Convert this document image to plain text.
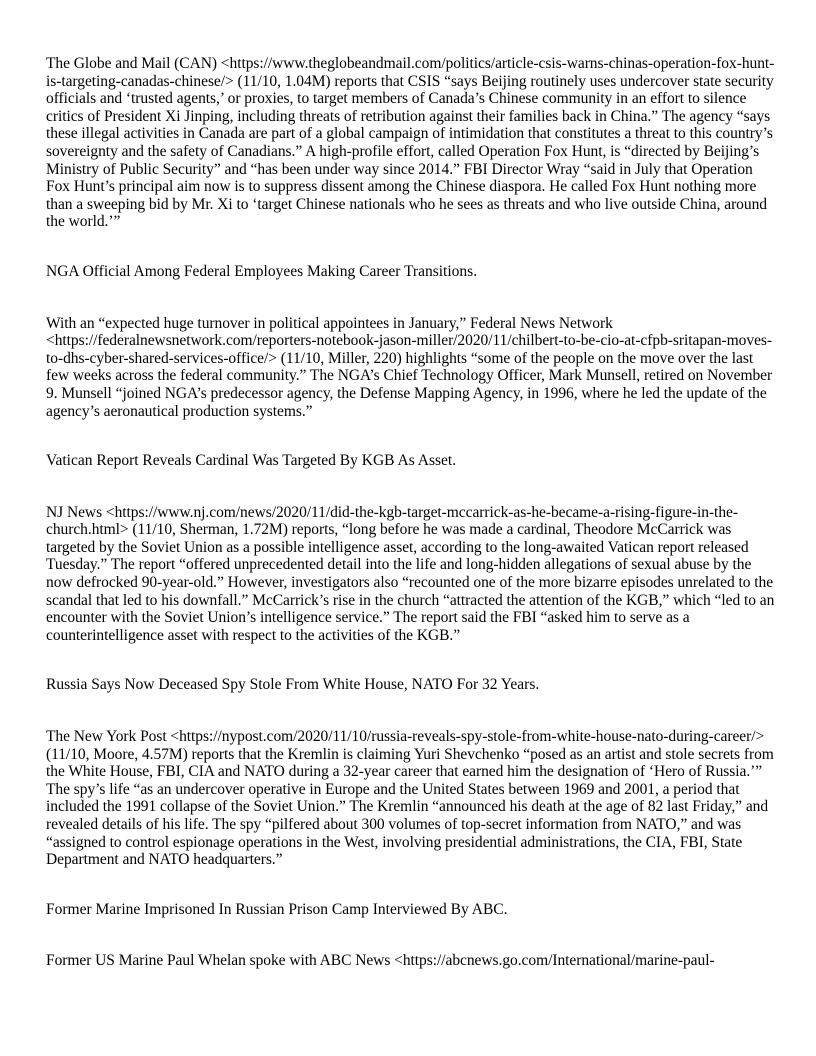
The Globe and Mail (CAN) <https://www.theglobeandmail.com/politics/article-csis-warns-chinas-operation-fox-hunt-is-targeting-canadas-chinese/> (11/10, 1.04M) reports that CSIS “says Beijing routinely uses undercover state security officials and ‘trusted agents,’ or proxies, to target members of Canada’s Chinese community in an effort to silence critics of President Xi Jinping, including threats of retribution against their families back in China.” The agency “says these illegal activities in Canada are part of a global campaign of intimidation that constitutes a threat to this country’s sovereignty and the safety of Canadians.” A high-profile effort, called Operation Fox Hunt, is “directed by Beijing’s Ministry of Public Security” and “has been under way since 2014.” FBI Director Wray “said in July that Operation Fox Hunt’s principal aim now is to suppress dissent among the Chinese diaspora. He called Fox Hunt nothing more than a sweeping bid by Mr. Xi to ‘target Chinese nationals who he sees as threats and who live outside China, around the world.’”

NGA Official Among Federal Employees Making Career Transitions.

With an “expected huge turnover in political appointees in January,” Federal News Network <https://federalnewsnetwork.com/reporters-notebook-jason-miller/2020/11/chilbert-to-be-cio-at-cfpb-sritapan-moves-to-dhs-cyber-shared-services-office/> (11/10, Miller, 220) highlights “some of the people on the move over the last few weeks across the federal community.” The NGA’s Chief Technology Officer, Mark Munsell, retired on November 9. Munsell “joined NGA’s predecessor agency, the Defense Mapping Agency, in 1996, where he led the update of the agency’s aeronautical production systems.”

Vatican Report Reveals Cardinal Was Targeted By KGB As Asset.

NJ News <https://www.nj.com/news/2020/11/did-the-kgb-target-mccarrick-as-he-became-a-rising-figure-in-the-church.html> (11/10, Sherman, 1.72M) reports, “long before he was made a cardinal, Theodore McCarrick was targeted by the Soviet Union as a possible intelligence asset, according to the long-awaited Vatican report released Tuesday.” The report “offered unprecedented detail into the life and long-hidden allegations of sexual abuse by the now defrocked 90-year-old.” However, investigators also “recounted one of the more bizarre episodes unrelated to the scandal that led to his downfall.” McCarrick’s rise in the church “attracted the attention of the KGB,” which “led to an encounter with the Soviet Union’s intelligence service.” The report said the FBI “asked him to serve as a counterintelligence asset with respect to the activities of the KGB.”

Russia Says Now Deceased Spy Stole From White House, NATO For 32 Years.

The New York Post <https://nypost.com/2020/11/10/russia-reveals-spy-stole-from-white-house-nato-during-career/> (11/10, Moore, 4.57M) reports that the Kremlin is claiming Yuri Shevchenko “posed as an artist and stole secrets from the White House, FBI, CIA and NATO during a 32-year career that earned him the designation of ‘Hero of Russia.’” The spy’s life “as an undercover operative in Europe and the United States between 1969 and 2001, a period that included the 1991 collapse of the Soviet Union.” The Kremlin “announced his death at the age of 82 last Friday,” and revealed details of his life. The spy “pilfered about 300 volumes of top-secret information from NATO,” and was “assigned to control espionage operations in the West, involving presidential administrations, the CIA, FBI, State Department and NATO headquarters.”

Former Marine Imprisoned In Russian Prison Camp Interviewed By ABC.

Former US Marine Paul Whelan spoke with ABC News <https://abcnews.go.com/International/marine-paul-
